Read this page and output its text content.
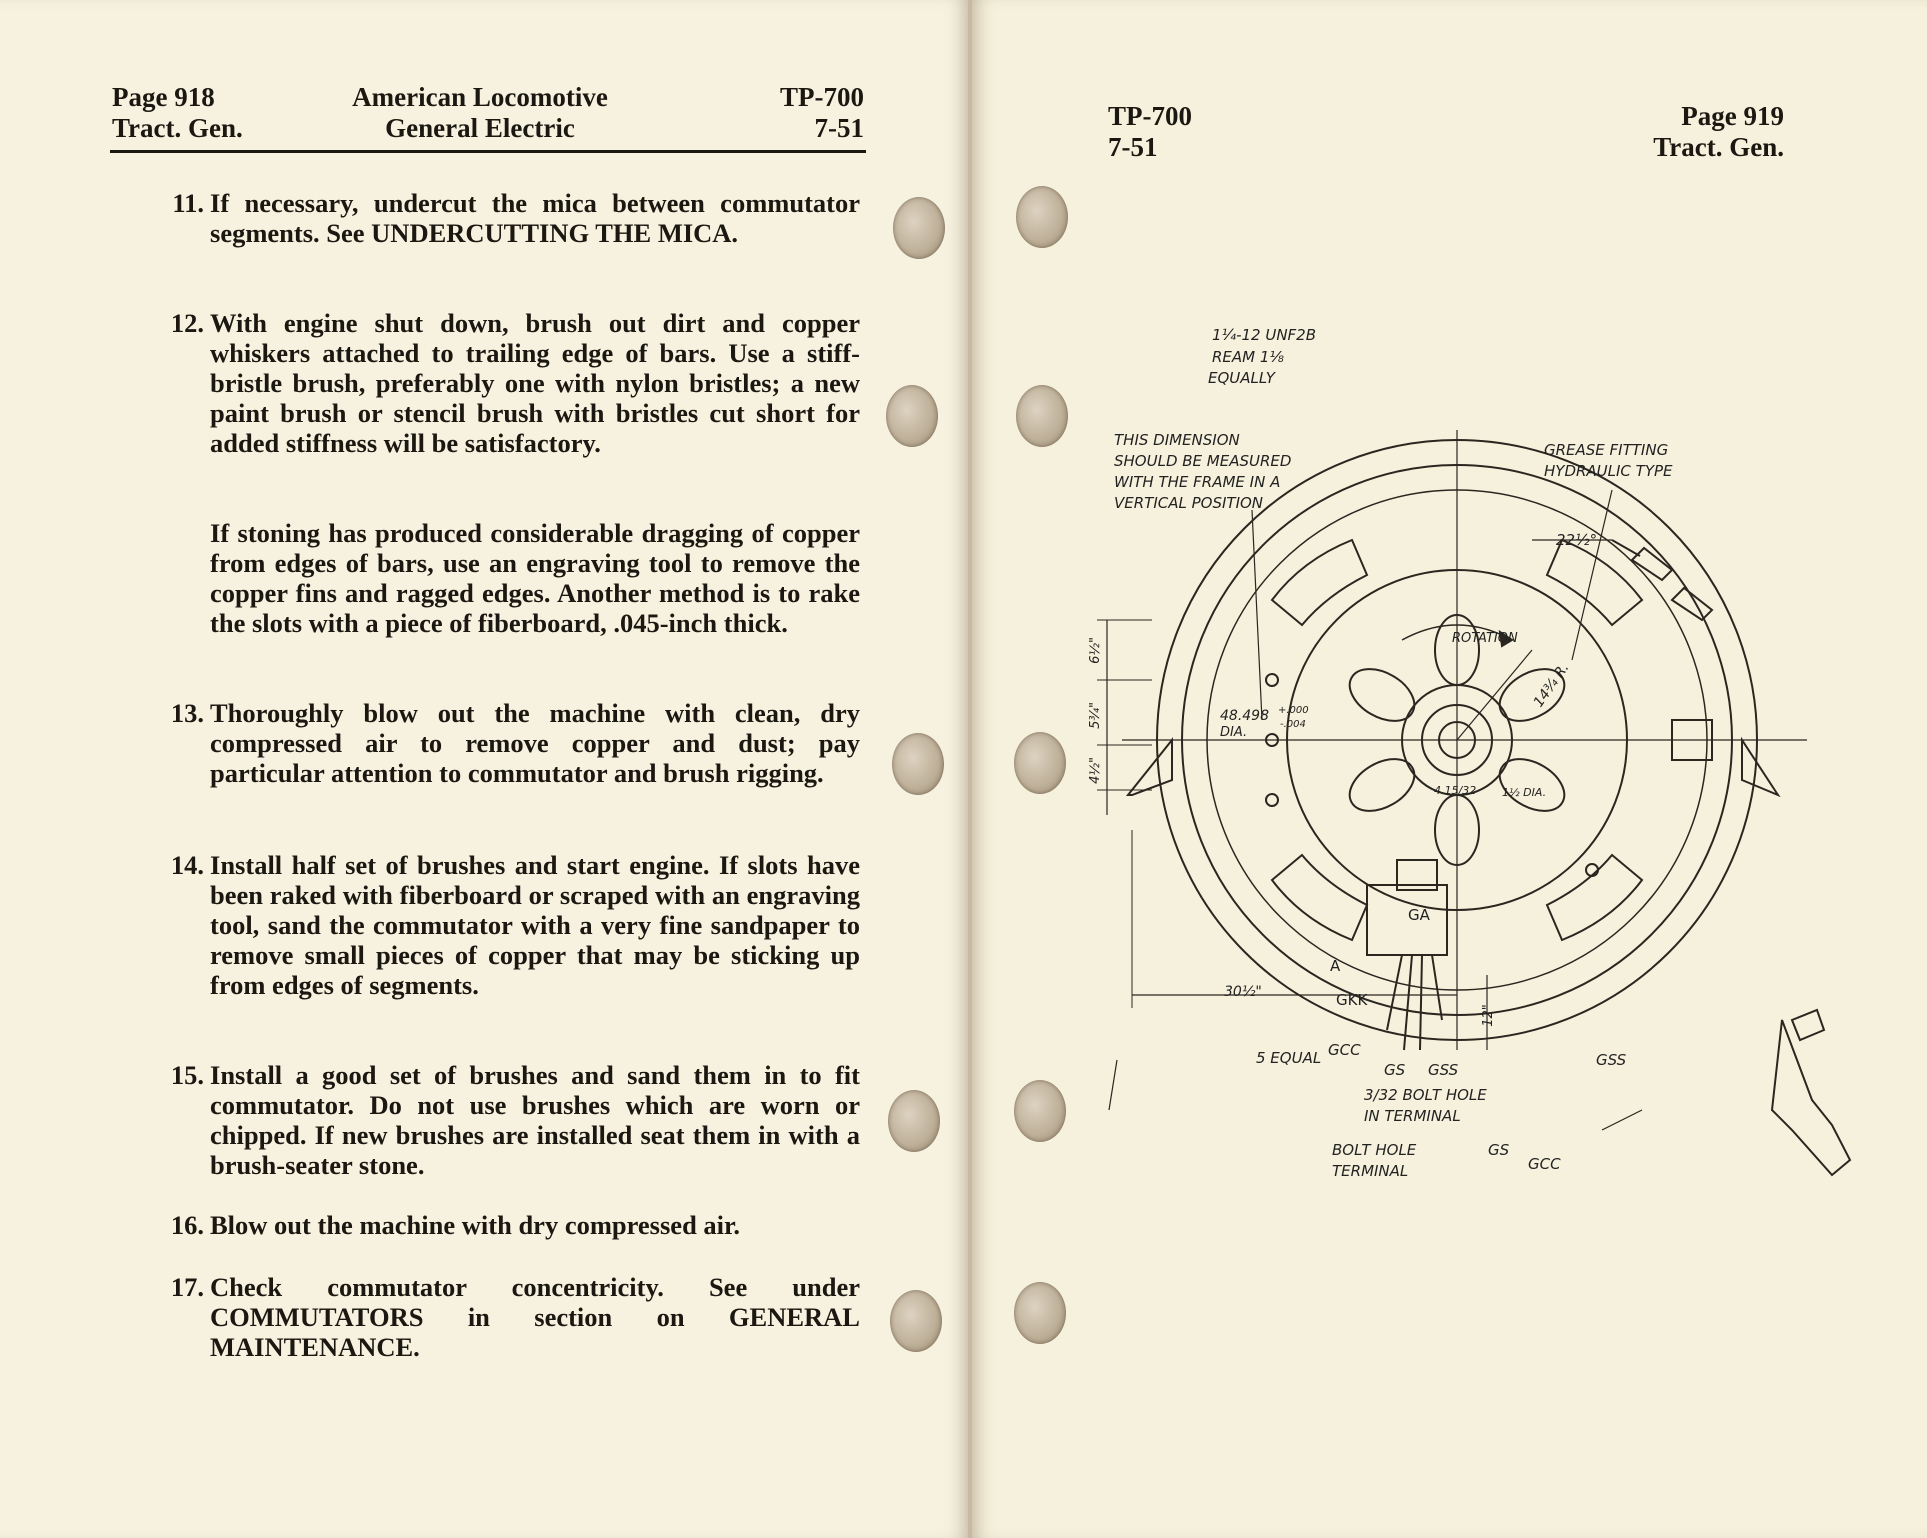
Page 918
Tract. Gen.
American Locomotive
General Electric
TP-700
7-51
11. If necessary, undercut the mica between commutator segments. See UNDERCUTTING THE MICA.
12. With engine shut down, brush out dirt and copper whiskers attached to trailing edge of bars. Use a stiff-bristle brush, preferably one with nylon bristles; a new paint brush or stencil brush with bristles cut short for added stiffness will be satisfactory.
If stoning has produced considerable dragging of copper from edges of bars, use an engraving tool to remove the copper fins and ragged edges. Another method is to rake the slots with a piece of fiberboard, .045-inch thick.
13. Thoroughly blow out the machine with clean, dry compressed air to remove copper and dust; pay particular attention to commutator and brush rigging.
14. Install half set of brushes and start engine. If slots have been raked with fiberboard or scraped with an engraving tool, sand the commutator with a very fine sandpaper to remove small pieces of copper that may be sticking up from edges of segments.
15. Install a good set of brushes and sand them in to fit commutator. Do not use brushes which are worn or chipped. If new brushes are installed seat them in with a brush-seater stone.
16. Blow out the machine with dry compressed air.
17. Check commutator concentricity. See under COMMUTATORS in section on GENERAL MAINTENANCE.
TP-700
7-51
Page 919
Tract. Gen.
1¼-12 UNF2B
REAM 1⅛
EQUALLY
THIS DIMENSION
SHOULD BE MEASURED
WITH THE FRAME IN A
VERTICAL POSITION
GREASE FITTING
HYDRAULIC TYPE
ROTATION
48.498 +.000
-.004
DIA.
14¾ R.
22½°
6½"
5¾"
4½"
30½"
12"
4 15/32 1½ DIA.
GA
A
GKK
5 EQUAL GCC
GS GSS
3/32 BOLT HOLE
IN TERMINAL
BOLT HOLE
TERMINAL
GSS
GS
GCC
